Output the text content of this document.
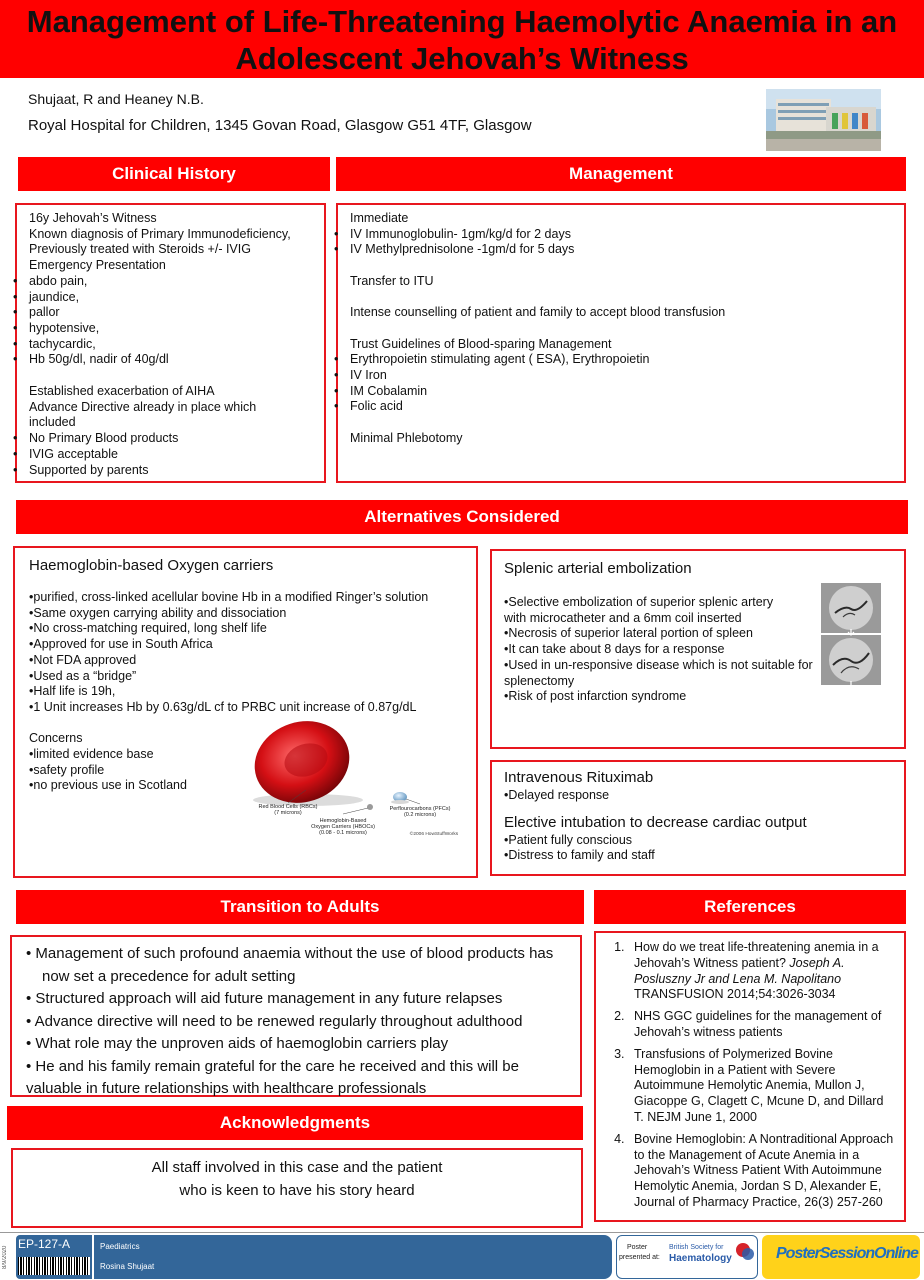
Management of Life-Threatening Haemolytic Anaemia in an Adolescent Jehovah’s Witness
Shujaat, R and Heaney N.B.
Royal Hospital for Children, 1345 Govan Road, Glasgow G51 4TF, Glasgow
Clinical History
16y Jehovah’s Witness
Known diagnosis of Primary Immunodeficiency,
Previously treated with Steroids +/- IVIG
Emergency Presentation
• abdo pain,
• jaundice,
• pallor
• hypotensive,
• tachycardic,
• Hb 50g/dl, nadir of 40g/dl
Established exacerbation of AIHA
Advance Directive already in place which included
• No Primary Blood products
• IVIG acceptable
• Supported by parents
Management
Immediate
• IV Immunoglobulin- 1gm/kg/d for 2 days
• IV Methylprednisolone -1gm/d for 5 days
Transfer to ITU
Intense counselling of patient and family to accept blood transfusion
Trust Guidelines of Blood-sparing Management
• Erythropoietin stimulating agent ( ESA), Erythropoietin
• IV Iron
• IM Cobalamin
• Folic acid
Minimal Phlebotomy
Alternatives Considered
Haemoglobin-based Oxygen carriers
•purified, cross-linked acellular bovine Hb in a modified Ringer’s solution
•Same oxygen carrying ability and dissociation
•No cross-matching required, long shelf life
•Approved for use in South Africa
•Not FDA approved
•Used as a “bridge”
•Half life is 19h,
•1 Unit increases Hb by 0.63g/dL cf to PRBC unit increase of 0.87g/dL
Concerns
•limited evidence base
•safety profile
•no previous use in Scotland
Red Blood Cells (RBCs)
(7 microns)
Hemoglobin-Based
Oxygen Carriers (HBOCs)
(0.08 - 0.1 microns)
Perflourocarbons (PFCs)
(0.2 microns)
©2006 HowStuffWorks
Splenic arterial embolization
•Selective embolization of superior splenic artery
with microcatheter and a 6mm coil inserted
•Necrosis of superior lateral portion of spleen
•It can take about 8 days for a response
•Used in un-responsive disease which is not suitable for
splenectomy
•Risk of post infarction syndrome
Intravenous Rituximab
•Delayed response
Elective intubation to decrease cardiac output
•Patient fully conscious
•Distress to family and staff
Transition to Adults
• Management of such profound anaemia without the use of blood products has now set a precedence for adult setting
• Structured approach will aid future management in any future relapses
• Advance directive will need to be renewed regularly throughout adulthood
• What role may the unproven aids of haemoglobin carriers play
• He and his family remain grateful for the care he received and this will be valuable in future relationships with healthcare professionals
Acknowledgments
All staff involved in this case and the patient
who is keen to have his story heard
References
1. How do we treat life-threatening anemia in a Jehovah’s Witness patient? Joseph A. Posluszny Jr and Lena M. Napolitano TRANSFUSION 2014;54:3026-3034
2. NHS GGC guidelines for the management of Jehovah’s witness patients
3. Transfusions of Polymerized Bovine Hemoglobin in a Patient with Severe Autoimmune Hemolytic Anemia, Mullon J, Giacoppe G, Clagett C, Mcune D, and Dillard T. NEJM June 1, 2000
4. Bovine Hemoglobin: A Nontraditional Approach to the Management of Acute Anemia in a Jehovah’s Witness Patient With Autoimmune Hemolytic Anemia, Jordan S D, Alexander E, Journal of Pharmacy Practice, 26(3) 257-260
8/9/2020
EP-127-A	Paediatrics
Rosina Shujaat
Poster
presented at:
British Society for
Haematology	PosterSessionOnline
